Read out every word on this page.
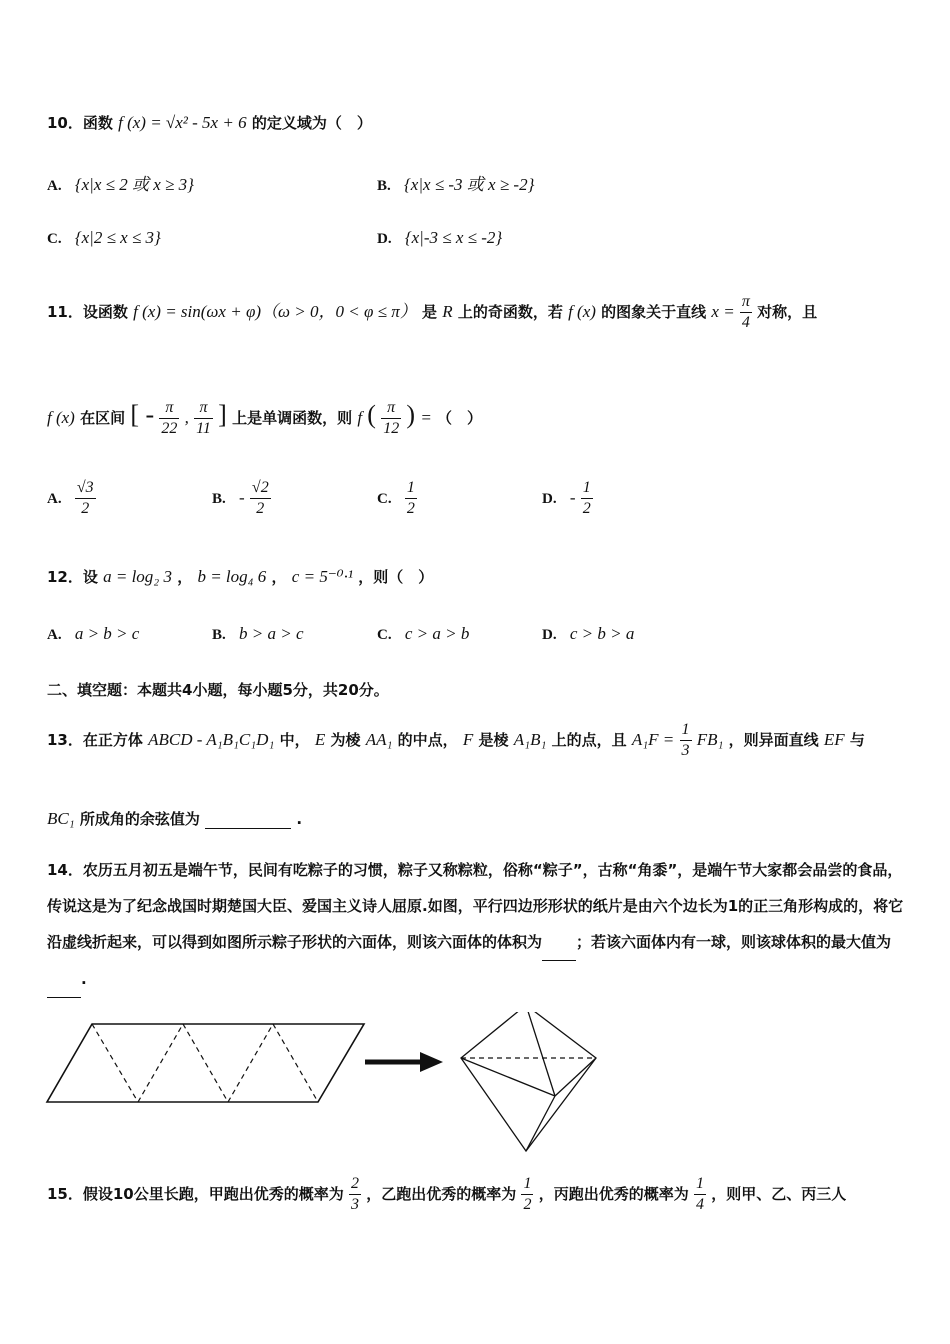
10．函数 f (x) = √x² - 5x + 6 的定义域为（　）
A. {x|x ≤ 2 或 x ≥ 3}	B. {x|x ≤ -3 或 x ≥ -2}
C. {x|2 ≤ x ≤ 3}	D. {x|-3 ≤ x ≤ -2}
11．设函数 f (x) = sin(ωx + φ)（ω > 0，0 < φ ≤ π） 是 R 上的奇函数，若 f (x) 的图象关于直线 $x = \frac{\pi}{4}$ 对称，且
f (x) 在区间 [ - $\frac{\pi}{22}$ , $\frac{\pi}{11}$ ] 上是单调函数，则 f ( $\frac{\pi}{12}$ ) = （　）
A. $\frac{√3}{2}$	B. - $\frac{√2}{2}$	C. $\frac{1}{2}$	D. - $\frac{1}{2}$
12．设 a = log₂ 3 ， b = log₄ 6 ， c = 5⁻⁰·¹ ，则（　）
A. a > b > c	B. b > a > c	C. c > a > b	D. c > b > a
二、填空题：本题共4小题，每小题5分，共20分。
13．在正方体 ABCD - A₁B₁C₁D₁ 中， E 为棱 AA₁ 的中点， F 是棱 A₁B₁ 上的点，且 $A_1F = \frac{1}{3} FB_1$ ，则异面直线 EF 与
BC₁ 所成角的余弦值为	.
14．农历五月初五是端午节，民间有吃粽子的习惯，粽子又称粽粒，俗称“粽子”，古称“角黍”，是端午节大家都会品尝的食品，传说这是为了纪念战国时期楚国大臣、爱国主义诗人屈原.如图，平行四边形形状的纸片是由六个边长为1的正三角形构成的，将它沿虚线折起来，可以得到如图所示粽子形状的六面体，则该六面体的体积为 ；若该六面体内有一球，则该球体积的最大值为 .
15．假设10公里长跑，甲跑出优秀的概率为 $\frac{2}{3}$ ，乙跑出优秀的概率为 $\frac{1}{2}$ ，丙跑出优秀的概率为 $\frac{1}{4}$ ，则甲、乙、丙三人
